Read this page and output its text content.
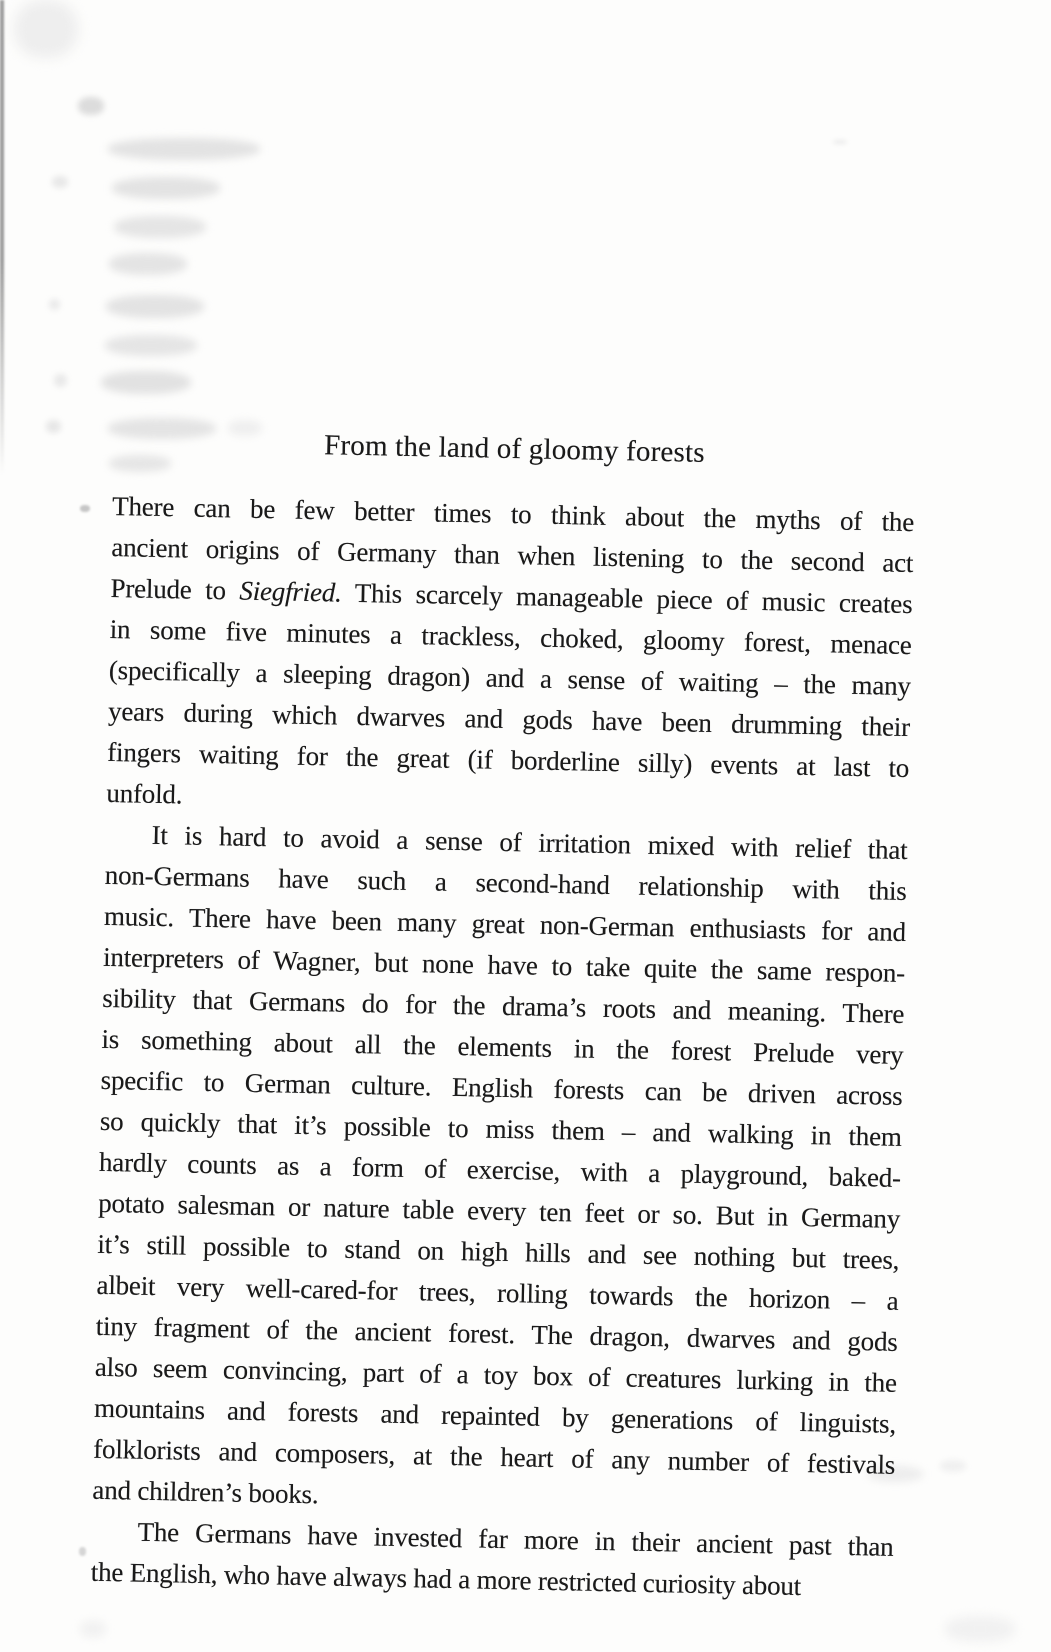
From the land of gloomy forests
There can be few better times to think about the myths of the
ancient origins of Germany than when listening to the second act
Prelude to Siegfried. This scarcely manageable piece of music creates
in some five minutes a trackless, choked, gloomy forest, menace
(specifically a sleeping dragon) and a sense of waiting – the many
years during which dwarves and gods have been drumming their
fingers waiting for the great (if borderline silly) events at last to
unfold.
It is hard to avoid a sense of irritation mixed with relief that
non-Germans have such a second-hand relationship with this
music. There have been many great non-German enthusiasts for and
interpreters of Wagner, but none have to take quite the same respon-
sibility that Germans do for the drama’s roots and meaning. There
is something about all the elements in the forest Prelude very
specific to German culture. English forests can be driven across
so quickly that it’s possible to miss them – and walking in them
hardly counts as a form of exercise, with a playground, baked-
potato salesman or nature table every ten feet or so. But in Germany
it’s still possible to stand on high hills and see nothing but trees,
albeit very well-cared-for trees, rolling towards the horizon – a
tiny fragment of the ancient forest. The dragon, dwarves and gods
also seem convincing, part of a toy box of creatures lurking in the
mountains and forests and repainted by generations of linguists,
folklorists and composers, at the heart of any number of festivals
and children’s books.
The Germans have invested far more in their ancient past than
the English, who have always had a more restricted curiosity about
